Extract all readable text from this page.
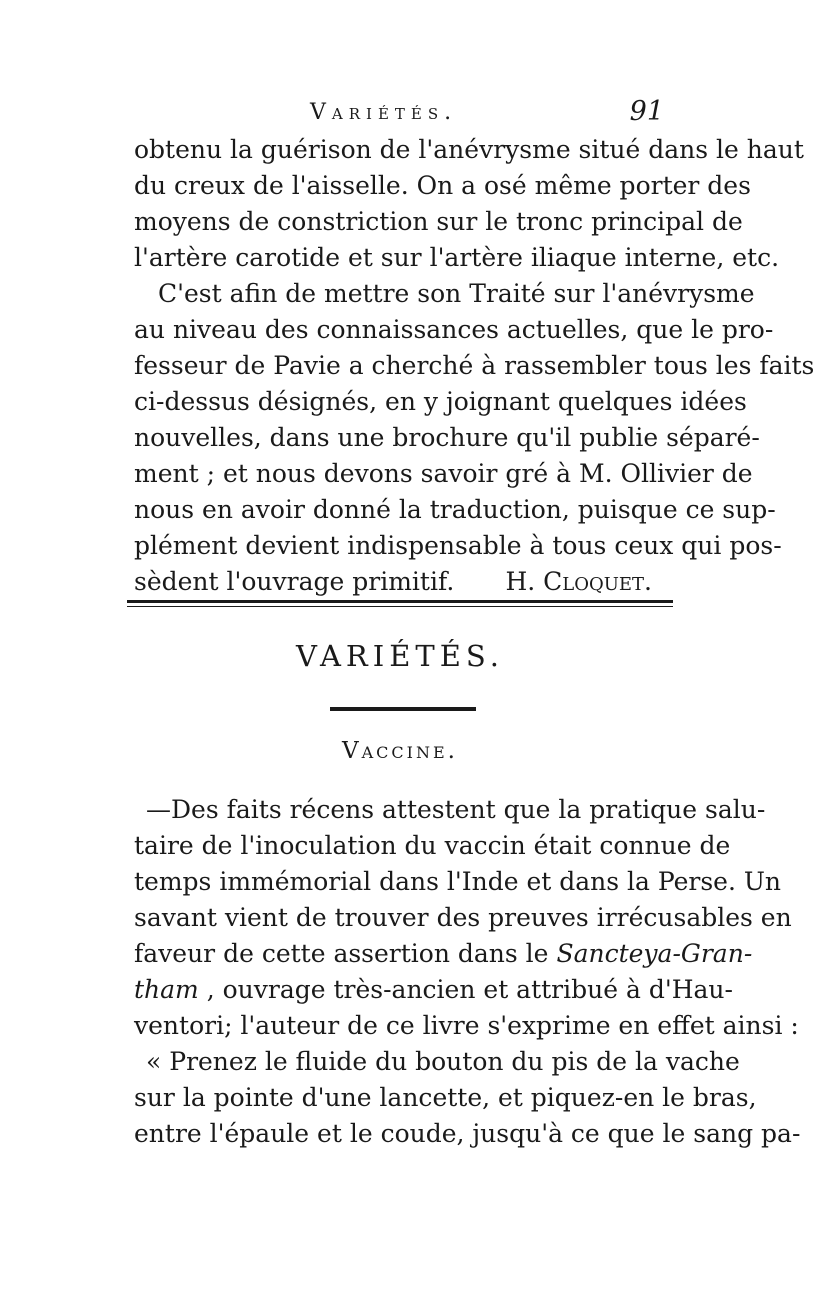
Variétés.	91
obtenu la guérison de l'anévrysme situé dans le haut
du creux de l'aisselle. On a osé même porter des
moyens de constriction sur le tronc principal de
l'artère carotide et sur l'artère iliaque interne, etc.
C'est afin de mettre son Traité sur l'anévrysme
au niveau des connaissances actuelles, que le pro-
fesseur de Pavie a cherché à rassembler tous les faits
ci-dessus désignés, en y joignant quelques idées
nouvelles, dans une brochure qu'il publie séparé-
ment ; et nous devons savoir gré à M. Ollivier de
nous en avoir donné la traduction, puisque ce sup-
plément devient indispensable à tous ceux qui pos-
sèdent l'ouvrage primitif. H. Cloquet.
VARIÉTÉS.
Vaccine.
—Des faits récens attestent que la pratique salu-
taire de l'inoculation du vaccin était connue de
temps immémorial dans l'Inde et dans la Perse. Un
savant vient de trouver des preuves irrécusables en
faveur de cette assertion dans le Sancteya-Gran-
tham , ouvrage très-ancien et attribué à d'Hau-
ventori; l'auteur de ce livre s'exprime en effet ainsi :
« Prenez le fluide du bouton du pis de la vache
sur la pointe d'une lancette, et piquez-en le bras,
entre l'épaule et le coude, jusqu'à ce que le sang pa-
